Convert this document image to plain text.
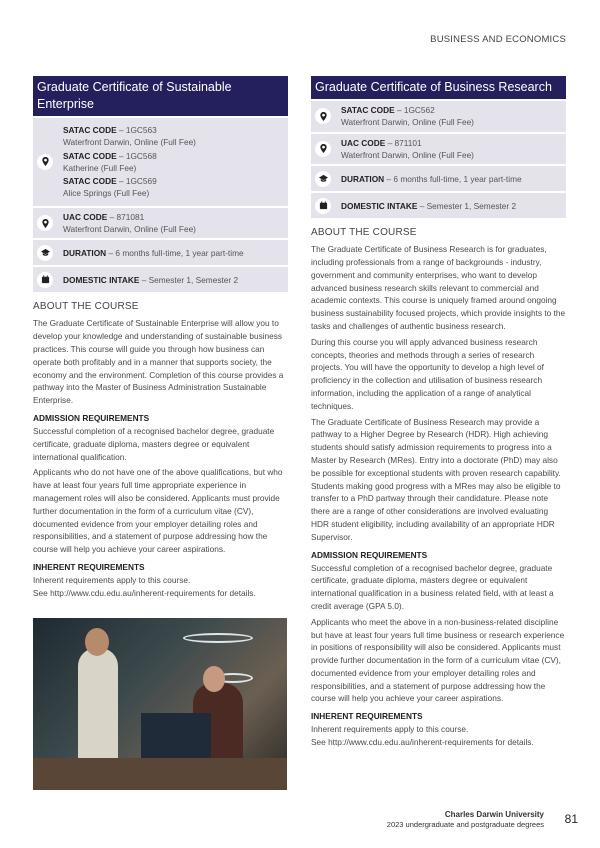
BUSINESS AND ECONOMICS
Graduate Certificate of Sustainable Enterprise
SATAC CODE – 1GC563
Waterfront Darwin, Online (Full Fee)
SATAC CODE – 1GC568
Katherine (Full Fee)
SATAC CODE – 1GC569
Alice Springs (Full Fee)
UAC CODE – 871081
Waterfront Darwin, Online (Full Fee)
DURATION – 6 months full-time, 1 year part-time
DOMESTIC INTAKE – Semester 1, Semester 2
ABOUT THE COURSE

The Graduate Certificate of Sustainable Enterprise will allow you to develop your knowledge and understanding of sustainable business practices. This course will guide you through how business can operate both profitably and in a manner that supports society, the economy and the environment. Completion of this course provides a pathway into the Master of Business Administration Sustainable Enterprise.

ADMISSION REQUIREMENTS

Successful completion of a recognised bachelor degree, graduate certificate, graduate diploma, masters degree or equivalent international qualification.

Applicants who do not have one of the above qualifications, but who have at least four years full time appropriate experience in management roles will also be considered. Applicants must provide further documentation in the form of a curriculum vitae (CV), documented evidence from your employer detailing roles and responsibilities, and a statement of purpose addressing how the course will help you achieve your career aspirations.

INHERENT REQUIREMENTS

Inherent requirements apply to this course.
See http://www.cdu.edu.au/inherent-requirements for details.

Graduate Certificate of Business Research
SATAC CODE – 1GC562
Waterfront Darwin, Online (Full Fee)
UAC CODE – 871101
Waterfront Darwin, Online (Full Fee)
DURATION – 6 months full-time, 1 year part-time
DOMESTIC INTAKE – Semester 1, Semester 2
ABOUT THE COURSE

The Graduate Certificate of Business Research is for graduates, including professionals from a range of backgrounds - industry, government and community enterprises, who want to develop advanced business research skills relevant to commercial and academic contexts. This course is uniquely framed around ongoing business sustainability focused projects, which provide insights to the tasks and challenges of authentic business research.

During this course you will apply advanced business research concepts, theories and methods through a series of research projects. You will have the opportunity to develop a high level of proficiency in the collection and utilisation of business research information, including the application of a range of analytical techniques.

The Graduate Certificate of Business Research may provide a pathway to a Higher Degree by Research (HDR). High achieving students should satisfy admission requirements to progress into a Master by Research (MRes). Entry into a doctorate (PhD) may also be possible for exceptional students with proven research capability. Students making good progress with a MRes may also be eligible to transfer to a PhD partway through their candidature. Please note there are a range of other considerations are involved evaluating HDR student eligibility, including availability of an appropriate HDR Supervisor.

ADMISSION REQUIREMENTS

Successful completion of a recognised bachelor degree, graduate certificate, graduate diploma, masters degree or equivalent international qualification in a business related field, with at least a credit average (GPA 5.0).

Applicants who meet the above in a non-business-related discipline but have at least four years full time business or research experience in positions of responsibility will also be considered. Applicants must provide further documentation in the form of a curriculum vitae (CV), documented evidence from your employer detailing roles and responsibilities, and a statement of purpose addressing how the course will help you achieve your career aspirations.

INHERENT REQUIREMENTS

Inherent requirements apply to this course.
See http://www.cdu.edu.au/inherent-requirements for details.

Charles Darwin University
2023 undergraduate and postgraduate degrees 81
